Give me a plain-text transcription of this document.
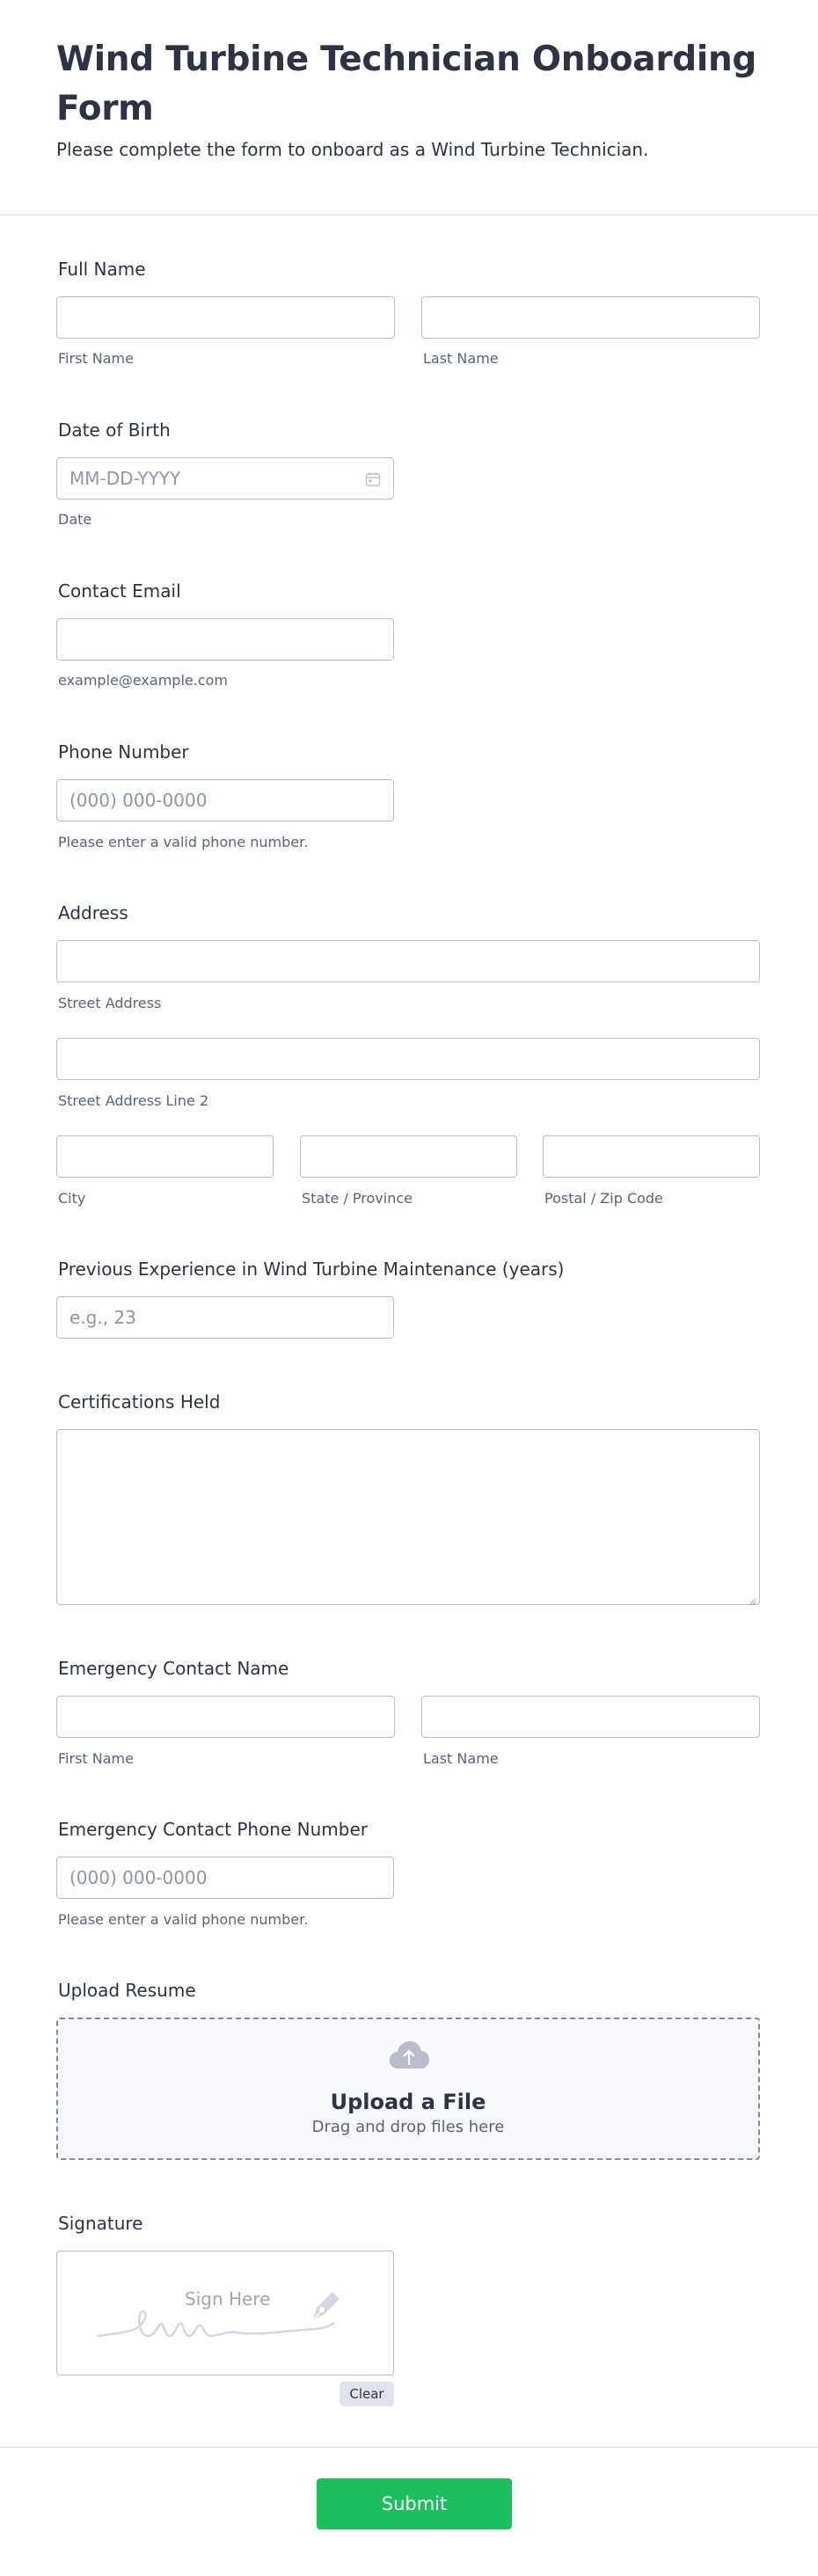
Wind Turbine Technician Onboarding Form
Please complete the form to onboard as a Wind Turbine Technician.
Full Name
First Name	Last Name
Date of Birth
MM-DD-YYYY
Date
Contact Email
example@example.com
Phone Number
(000) 000-0000
Please enter a valid phone number.
Address
Street Address
Street Address Line 2
City	State / Province	Postal / Zip Code
Previous Experience in Wind Turbine Maintenance (years)
e.g., 23
Certifications Held
Emergency Contact Name
First Name	Last Name
Emergency Contact Phone Number
(000) 000-0000
Please enter a valid phone number.
Upload Resume
Upload a File
Drag and drop files here
Signature
Sign Here
Clear
Submit
